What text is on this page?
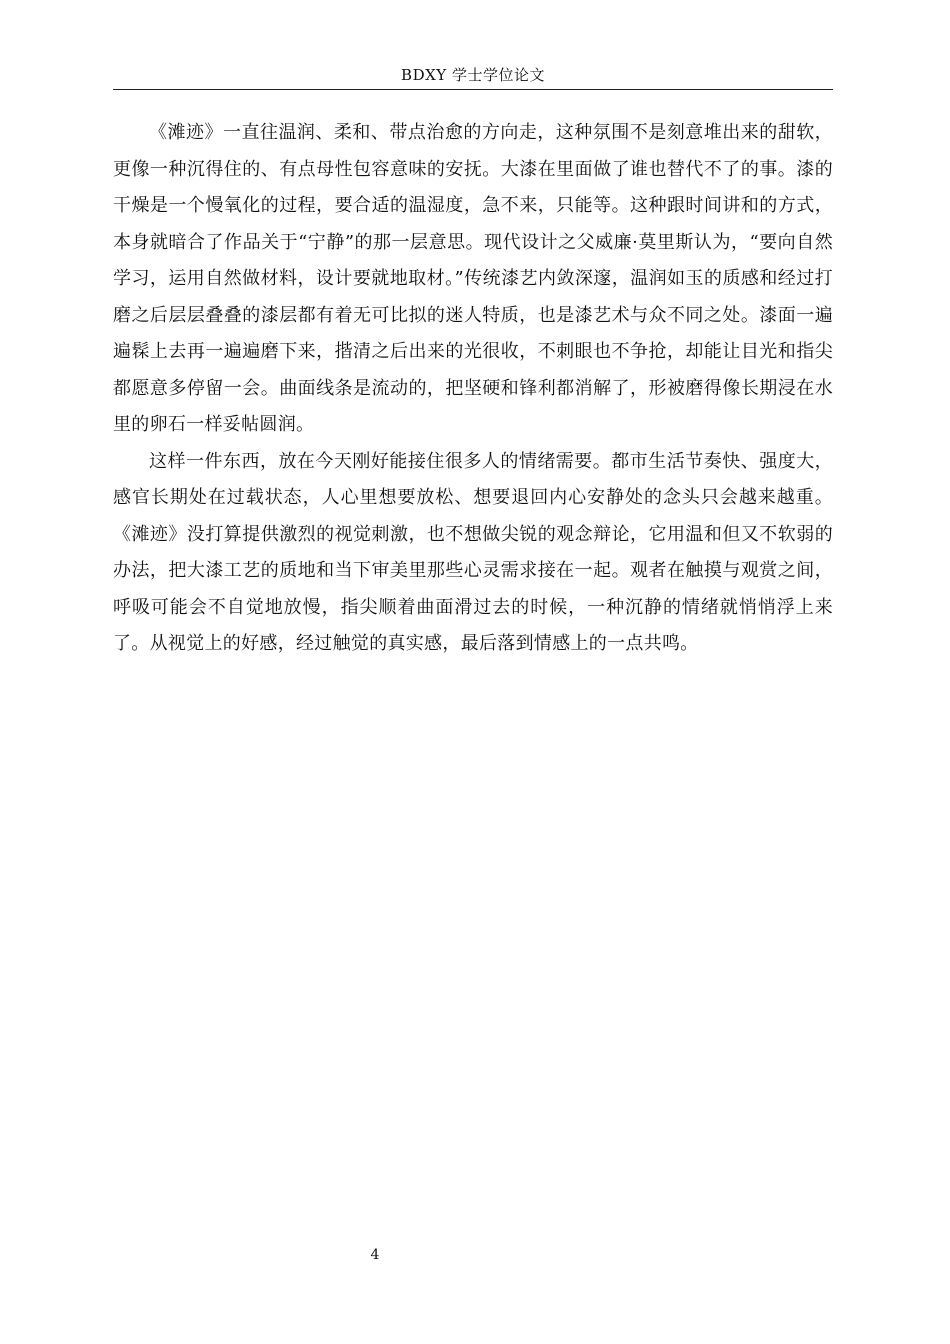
BDXY 学士学位论文

《滩迹》一直往温润、柔和、带点治愈的方向走，这种氛围不是刻意堆出来的甜软，更像一种沉得住的、有点母性包容意味的安抚。大漆在里面做了谁也替代不了的事。漆的干燥是一个慢氧化的过程，要合适的温湿度，急不来，只能等。这种跟时间讲和的方式，本身就暗合了作品关于“宁静”的那一层意思。现代设计之父威廉·莫里斯认为，“要向自然学习，运用自然做材料，设计要就地取材。”传统漆艺内敛深邃，温润如玉的质感和经过打磨之后层层叠叠的漆层都有着无可比拟的迷人特质，也是漆艺术与众不同之处。漆面一遍遍髹上去再一遍遍磨下来，揩清之后出来的光很收，不刺眼也不争抢，却能让目光和指尖都愿意多停留一会。曲面线条是流动的，把坚硬和锋利都消解了，形被磨得像长期浸在水里的卵石一样妥帖圆润。

这样一件东西，放在今天刚好能接住很多人的情绪需要。都市生活节奏快、强度大，感官长期处在过载状态，人心里想要放松、想要退回内心安静处的念头只会越来越重。《滩迹》没打算提供激烈的视觉刺激，也不想做尖锐的观念辩论，它用温和但又不软弱的办法，把大漆工艺的质地和当下审美里那些心灵需求接在一起。观者在触摸与观赏之间，呼吸可能会不自觉地放慢，指尖顺着曲面滑过去的时候，一种沉静的情绪就悄悄浮上来了。从视觉上的好感，经过触觉的真实感，最后落到情感上的一点共鸣。

4
